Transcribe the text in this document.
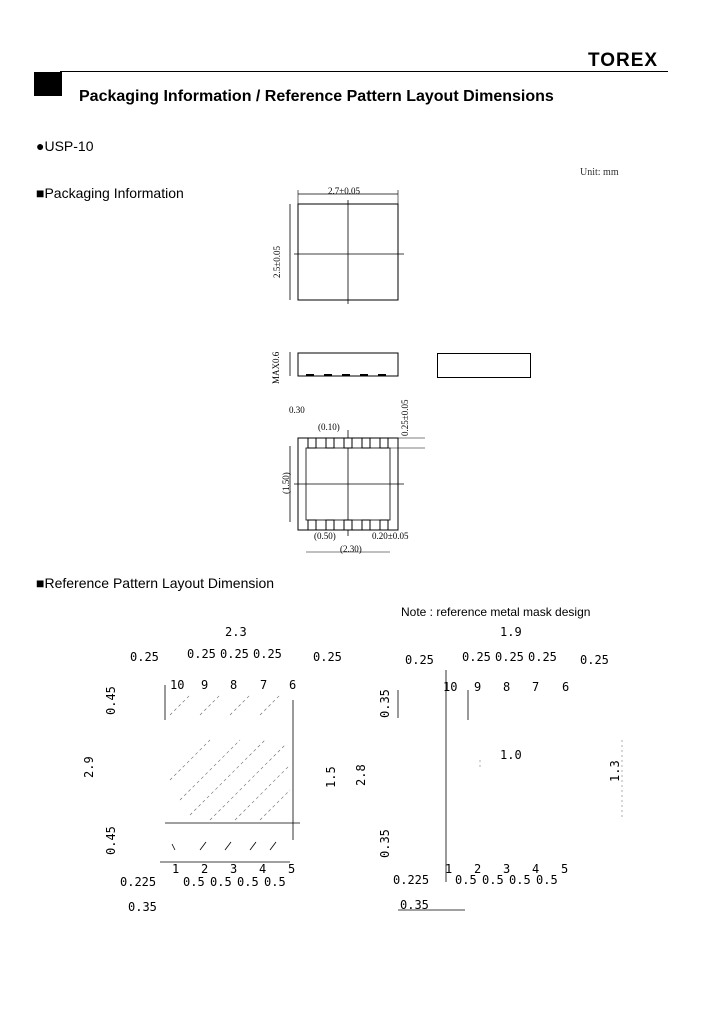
TOREX
Packaging Information / Reference Pattern Layout Dimensions
●USP-10
Unit: mm
■Packaging Information	2.7±0.05
2.5±0.05
MAX0.6
0.30
(0.10)	0.25±0.05
(1.50)
(0.50)	0.20±0.05
(2.30)
■Reference Pattern Layout Dimension
Note : reference metal mask design
2.3
0.25 0.25 0.25 0.25	0.25
10 9 8 7 6
0.45
2.9	1.5
0.45
1 2 3 4 5
0.225 0.5 0.5 0.5 0.5
0.35
1.9
0.25 0.25 0.25 0.25 0.25
10 9 8 7 6
0.35
1.0
2.8	1.3
0.35
1 2 3 4 5
0.225 0.5 0.5 0.5 0.5
0.35
